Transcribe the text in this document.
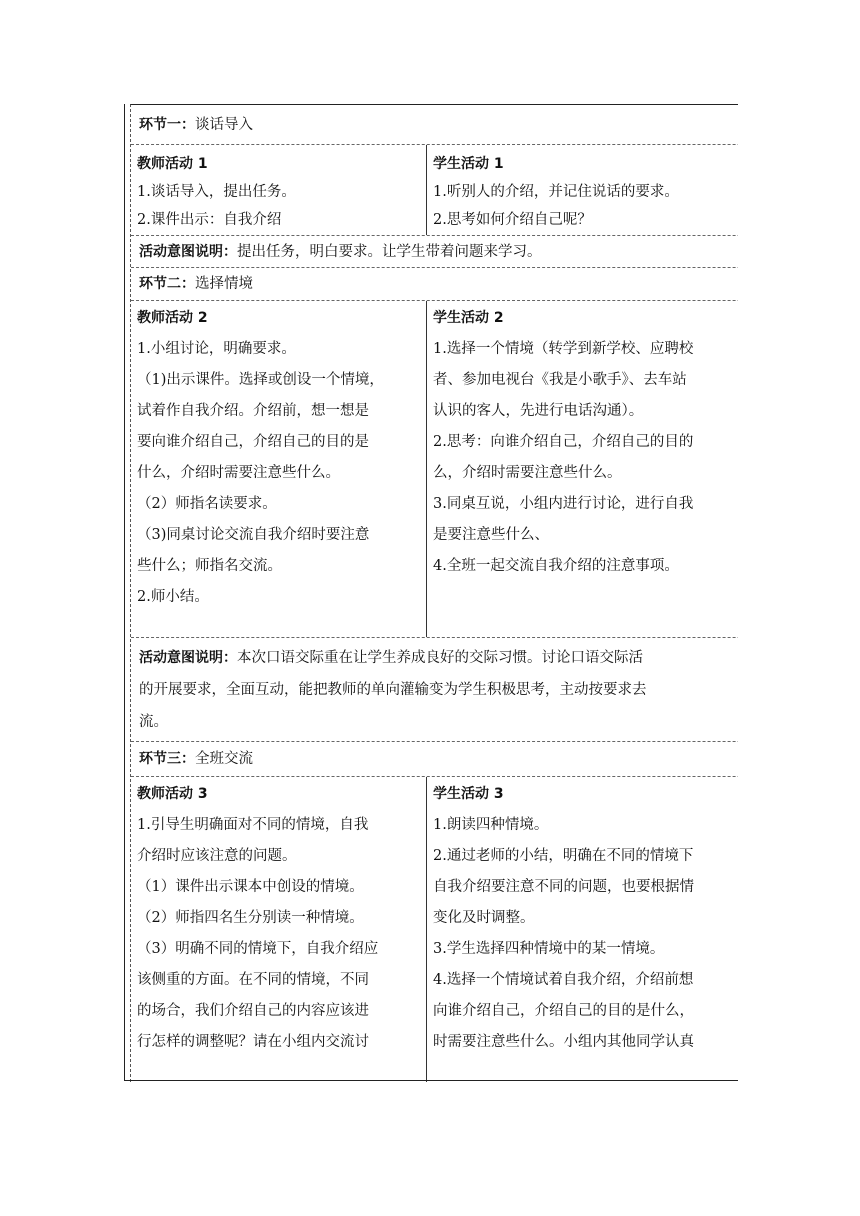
环节一：谈话导入
教师活动 1
1.谈话导入，提出任务。
2.课件出示：自我介绍
学生活动 1
1.听别人的介绍，并记住说话的要求。
2.思考如何介绍自己呢？
活动意图说明：提出任务，明白要求。让学生带着问题来学习。
环节二：选择情境
教师活动 2
1.小组讨论，明确要求。
（1)出示课件。选择或创设一个情境，
试着作自我介绍。介绍前，想一想是
要向谁介绍自己，介绍自己的目的是
什么，介绍时需要注意些什么。
（2）师指名读要求。
（3)同桌讨论交流自我介绍时要注意
些什么；师指名交流。
2.师小结。
学生活动 2
1.选择一个情境（转学到新学校、应聘校
者、参加电视台《我是小歌手》、去车站
认识的客人，先进行电话沟通）。
2.思考：向谁介绍自己，介绍自己的目的
么，介绍时需要注意些什么。
3.同桌互说，小组内进行讨论，进行自我
是要注意些什么、
4.全班一起交流自我介绍的注意事项。
活动意图说明：本次口语交际重在让学生养成良好的交际习惯。讨论口语交际活
的开展要求，全面互动，能把教师的单向灌输变为学生积极思考，主动按要求去
流。
环节三：全班交流
教师活动 3
1.引导生明确面对不同的情境，自我
介绍时应该注意的问题。
（1）课件出示课本中创设的情境。
（2）师指四名生分别读一种情境。
（3）明确不同的情境下，自我介绍应
该侧重的方面。在不同的情境，不同
的场合，我们介绍自己的内容应该进
行怎样的调整呢？请在小组内交流讨
学生活动 3
1.朗读四种情境。
2.通过老师的小结，明确在不同的情境下
自我介绍要注意不同的问题，也要根据情
变化及时调整。
3.学生选择四种情境中的某一情境。
4.选择一个情境试着自我介绍，介绍前想
向谁介绍自己，介绍自己的目的是什么，
时需要注意些什么。小组内其他同学认真
